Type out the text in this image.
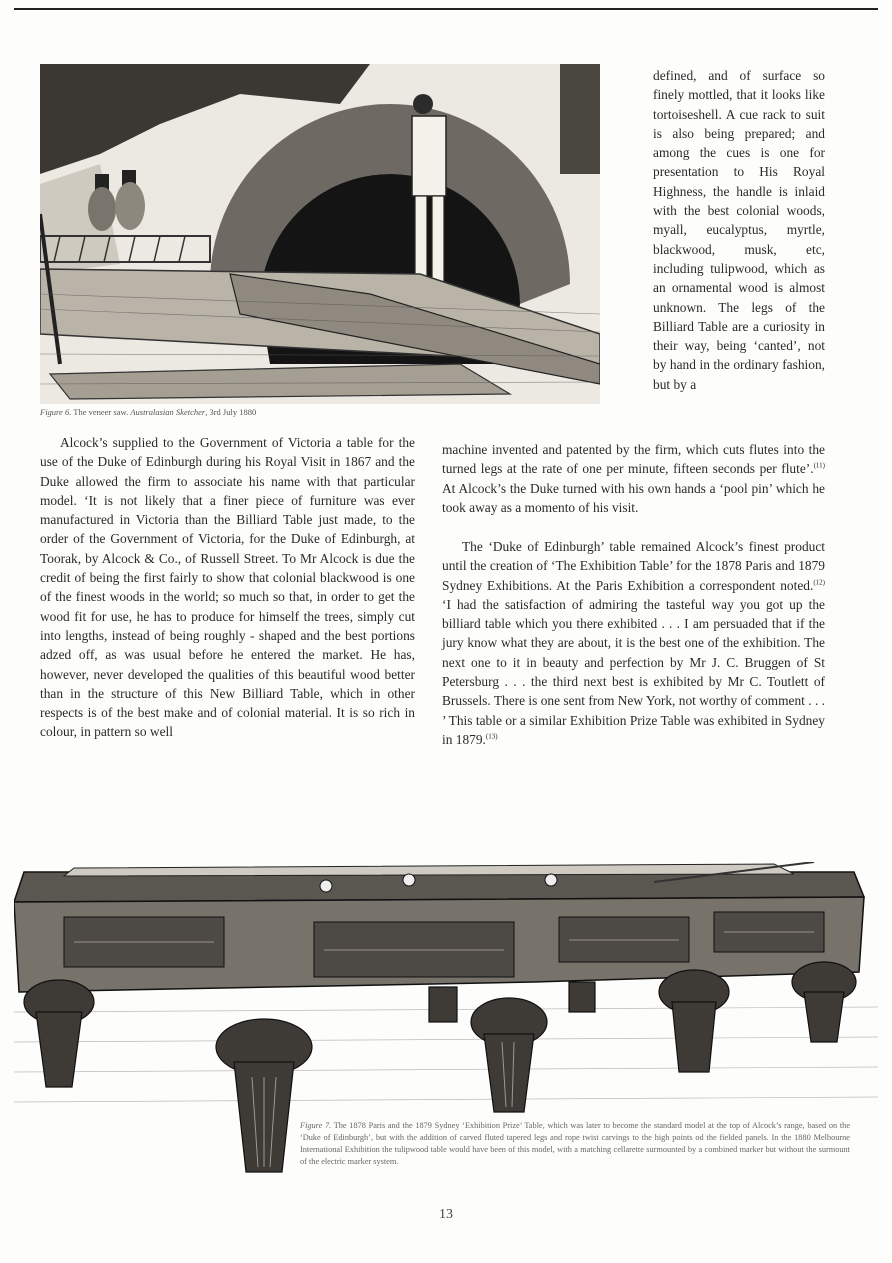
Figure 6. The veneer saw. Australasian Sketcher, 3rd July 1880

defined, and of surface so finely mottled, that it looks like tortoiseshell. A cue rack to suit is also being prepared; and among the cues is one for presentation to His Royal Highness, the handle is inlaid with the best colonial woods, myall, eucalyptus, myrtle, blackwood, musk, etc, including tulipwood, which as an ornamental wood is almost unknown. The legs of the Billiard Table are a curiosity in their way, being ‘canted’, not by hand in the ordinary fashion, but by a

Alcock’s supplied to the Government of Victoria a table for the use of the Duke of Edinburgh during his Royal Visit in 1867 and the Duke allowed the firm to associate his name with that particular model. ‘It is not likely that a finer piece of furniture was ever manufactured in Victoria than the Billiard Table just made, to the order of the Government of Victoria, for the Duke of Edinburgh, at Toorak, by Alcock & Co., of Russell Street. To Mr Alcock is due the credit of being the first fairly to show that colonial blackwood is one of the finest woods in the world; so much so that, in order to get the wood fit for use, he has to produce for himself the trees, simply cut into lengths, instead of being roughly - shaped and the best portions adzed off, as was usual before he entered the market. He has, however, never developed the qualities of this beautiful wood better than in the structure of this New Billiard Table, which in other respects is of the best make and of colonial material. It is so rich in colour, in pattern so well

machine invented and patented by the firm, which cuts flutes into the turned legs at the rate of one per minute, fifteen seconds per flute’.$^{(11)}$ At Alcock’s the Duke turned with his own hands a ‘pool pin’ which he took away as a momento of his visit.

The ‘Duke of Edinburgh’ table remained Alcock’s finest product until the creation of ‘The Exhibition Table’ for the 1878 Paris and 1879 Sydney Exhibitions. At the Paris Exhibition a correspondent noted.$^{(12)}$ ‘I had the satisfaction of admiring the tasteful way you got up the billiard table which you there exhibited . . . I am persuaded that if the jury know what they are about, it is the best one of the exhibition. The next one to it in beauty and perfection by Mr J. C. Bruggen of St Petersburg . . . the third next best is exhibited by Mr C. Toutlett of Brussels. There is one sent from New York, not worthy of comment . . . ’ This table or a similar Exhibition Prize Table was exhibited in Sydney in 1879.$^{(13)}$

Figure 7. The 1878 Paris and the 1879 Sydney ‘Exhibition Prize’ Table, which was later to become the standard model at the top of Alcock’s range, based on the ‘Duke of Edinburgh’, but with the addition of carved fluted tapered legs and rope twist carvings to the high points od the fielded panels. In the 1880 Melbourne International Exhibition the tulipwood table would have been of this model, with a matching cellarette surmounted by a combined marker but without the surmount of the electric marker system.
13
